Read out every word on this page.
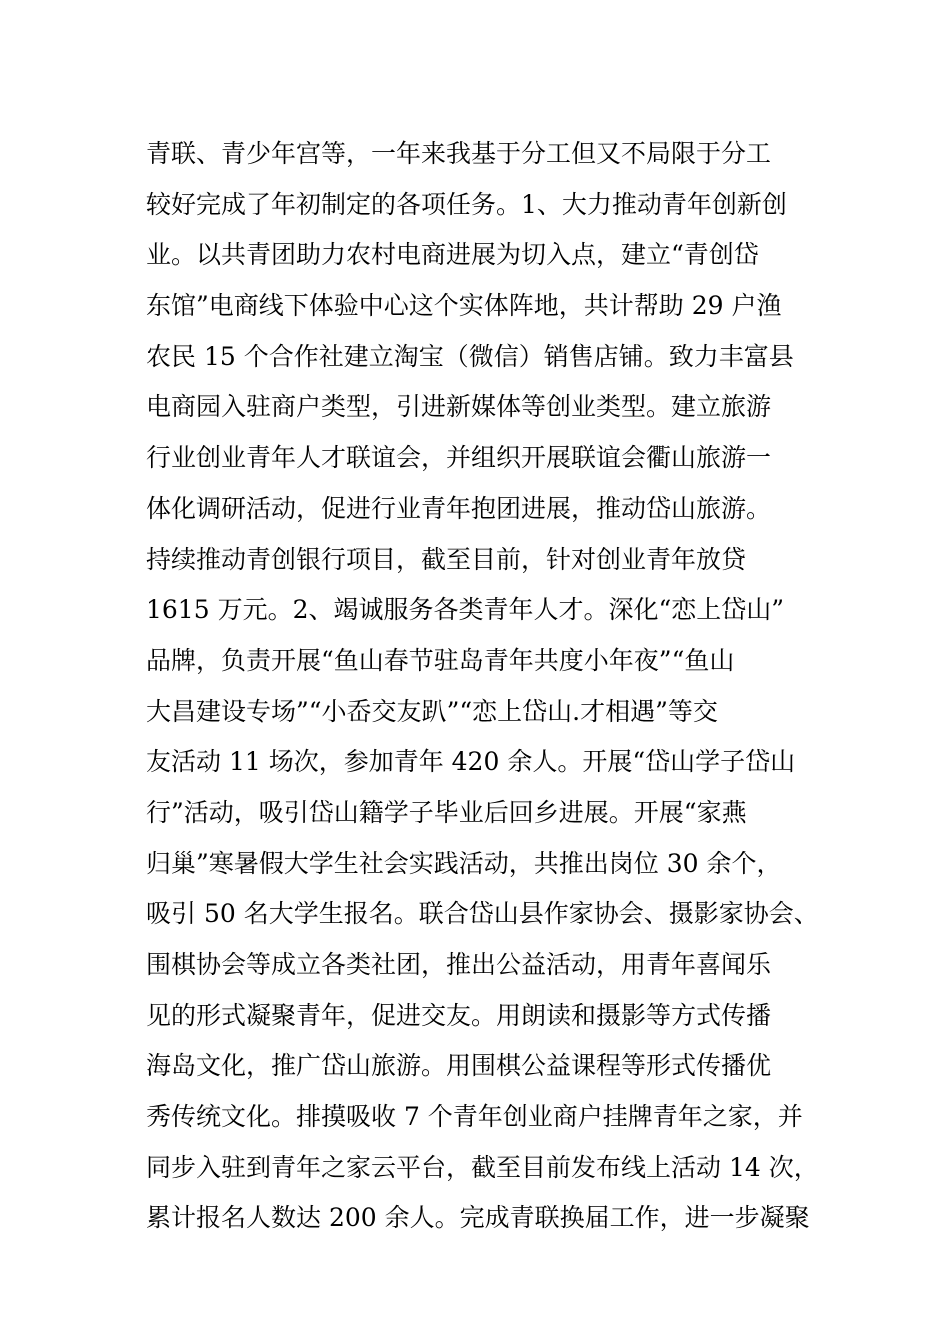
青联、青少年宫等，一年来我基于分工但又不局限于分工
较好完成了年初制定的各项任务。1、大力推动青年创新创
业。以共青团助力农村电商进展为切入点，建立“青创岱
东馆”电商线下体验中心这个实体阵地，共计帮助 29 户渔
农民 15 个合作社建立淘宝（微信）销售店铺。致力丰富县
电商园入驻商户类型，引进新媒体等创业类型。建立旅游
行业创业青年人才联谊会，并组织开展联谊会衢山旅游一
体化调研活动，促进行业青年抱团进展，推动岱山旅游。
持续推动青创银行项目，截至目前，针对创业青年放贷
1615 万元。2、竭诚服务各类青年人才。深化“恋上岱山”
品牌，负责开展“鱼山春节驻岛青年共度小年夜”“鱼山
大昌建设专场”“小岙交友趴”“恋上岱山.才相遇”等交
友活动 11 场次，参加青年 420 余人。开展“岱山学子岱山
行”活动，吸引岱山籍学子毕业后回乡进展。开展“家燕
归巢”寒暑假大学生社会实践活动，共推出岗位 30 余个，
吸引 50 名大学生报名。联合岱山县作家协会、摄影家协会、
围棋协会等成立各类社团，推出公益活动，用青年喜闻乐
见的形式凝聚青年，促进交友。用朗读和摄影等方式传播
海岛文化，推广岱山旅游。用围棋公益课程等形式传播优
秀传统文化。排摸吸收 7 个青年创业商户挂牌青年之家，并
同步入驻到青年之家云平台，截至目前发布线上活动 14 次，
累计报名人数达 200 余人。完成青联换届工作，进一步凝聚
